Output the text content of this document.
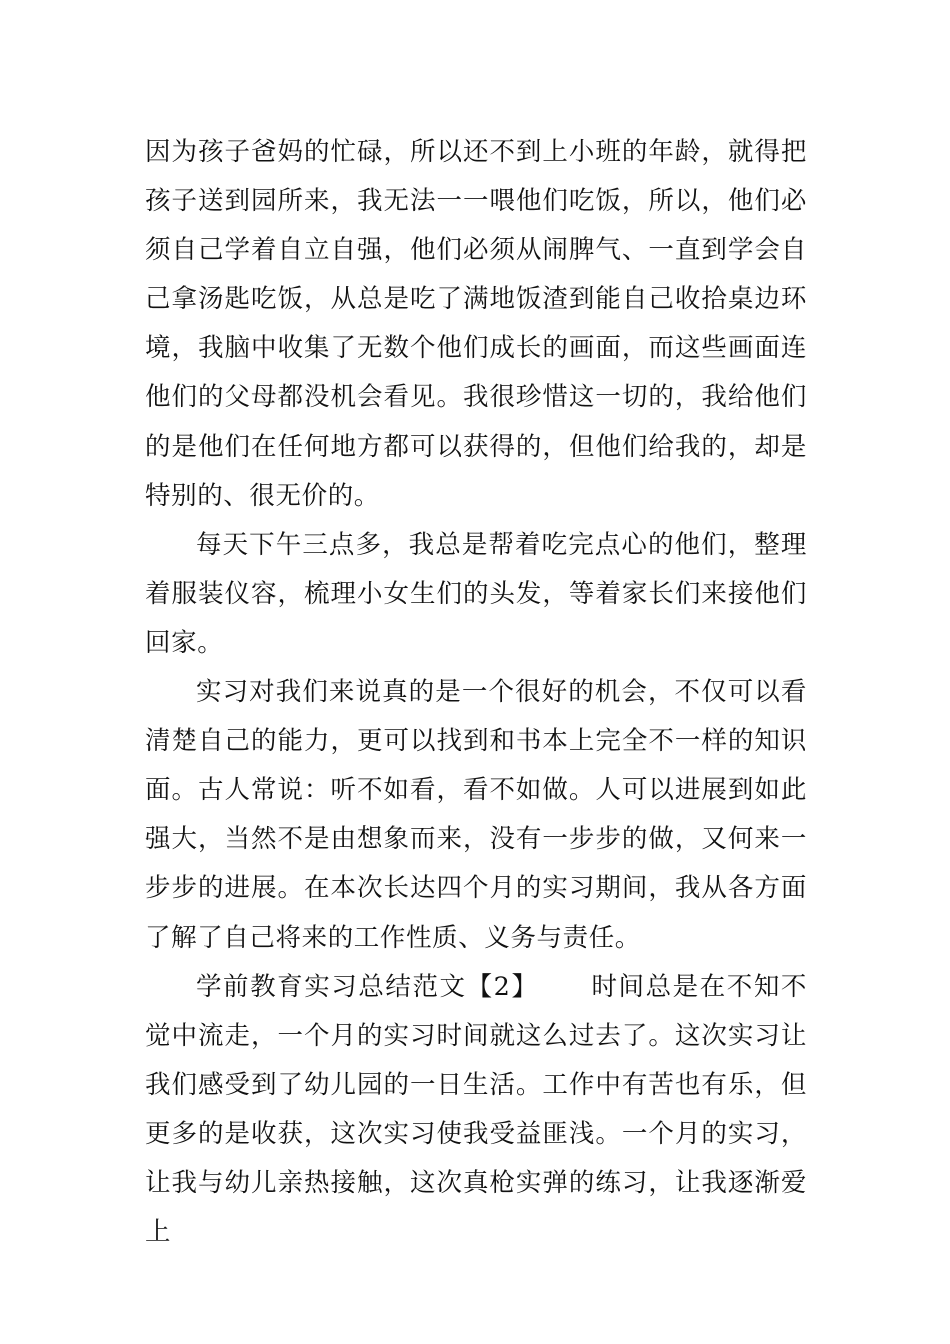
因为孩子爸妈的忙碌，所以还不到上小班的年龄，就得把孩子送到园所来，我无法一一喂他们吃饭，所以，他们必须自己学着自立自强，他们必须从闹脾气、一直到学会自己拿汤匙吃饭，从总是吃了满地饭渣到能自己收拾桌边环境，我脑中收集了无数个他们成长的画面，而这些画面连他们的父母都没机会看见。我很珍惜这一切的，我给他们的是他们在任何地方都可以获得的，但他们给我的，却是特别的、很无价的。

每天下午三点多，我总是帮着吃完点心的他们，整理着服装仪容，梳理小女生们的头发，等着家长们来接他们回家。

实习对我们来说真的是一个很好的机会，不仅可以看清楚自己的能力，更可以找到和书本上完全不一样的知识面。古人常说：听不如看，看不如做。人可以进展到如此强大，当然不是由想象而来，没有一步步的做，又何来一步步的进展。在本次长达四个月的实习期间，我从各方面了解了自己将来的工作性质、义务与责任。

学前教育实习总结范文【2】 时间总是在不知不觉中流走，一个月的实习时间就这么过去了。这次实习让我们感受到了幼儿园的一日生活。工作中有苦也有乐，但更多的是收获，这次实习使我受益匪浅。一个月的实习，让我与幼儿亲热接触，这次真枪实弹的练习，让我逐渐爱上
